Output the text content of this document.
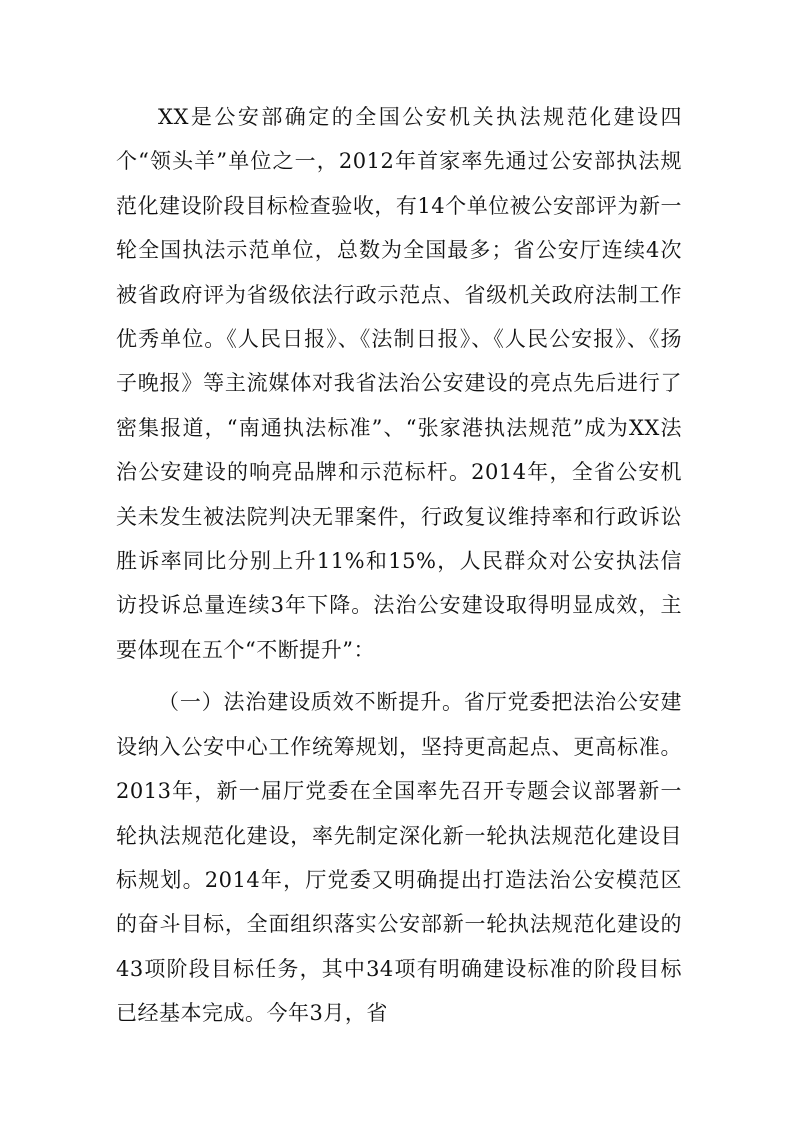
XX是公安部确定的全国公安机关执法规范化建设四个“领头羊”单位之一，2012年首家率先通过公安部执法规范化建设阶段目标检查验收，有14个单位被公安部评为新一轮全国执法示范单位，总数为全国最多；省公安厅连续4次被省政府评为省级依法行政示范点、省级机关政府法制工作优秀单位。《人民日报》、《法制日报》、《人民公安报》、《扬子晚报》等主流媒体对我省法治公安建设的亮点先后进行了密集报道，“南通执法标准”、“张家港执法规范”成为XX法治公安建设的响亮品牌和示范标杆。2014年，全省公安机关未发生被法院判决无罪案件，行政复议维持率和行政诉讼胜诉率同比分别上升11%和15%，人民群众对公安执法信访投诉总量连续3年下降。法治公安建设取得明显成效，主要体现在五个“不断提升”：

（一）法治建设质效不断提升。省厅党委把法治公安建设纳入公安中心工作统筹规划，坚持更高起点、更高标准。2013年，新一届厅党委在全国率先召开专题会议部署新一轮执法规范化建设，率先制定深化新一轮执法规范化建设目标规划。2014年，厅党委又明确提出打造法治公安模范区的奋斗目标，全面组织落实公安部新一轮执法规范化建设的43项阶段目标任务，其中34项有明确建设标准的阶段目标已经基本完成。今年3月，省
